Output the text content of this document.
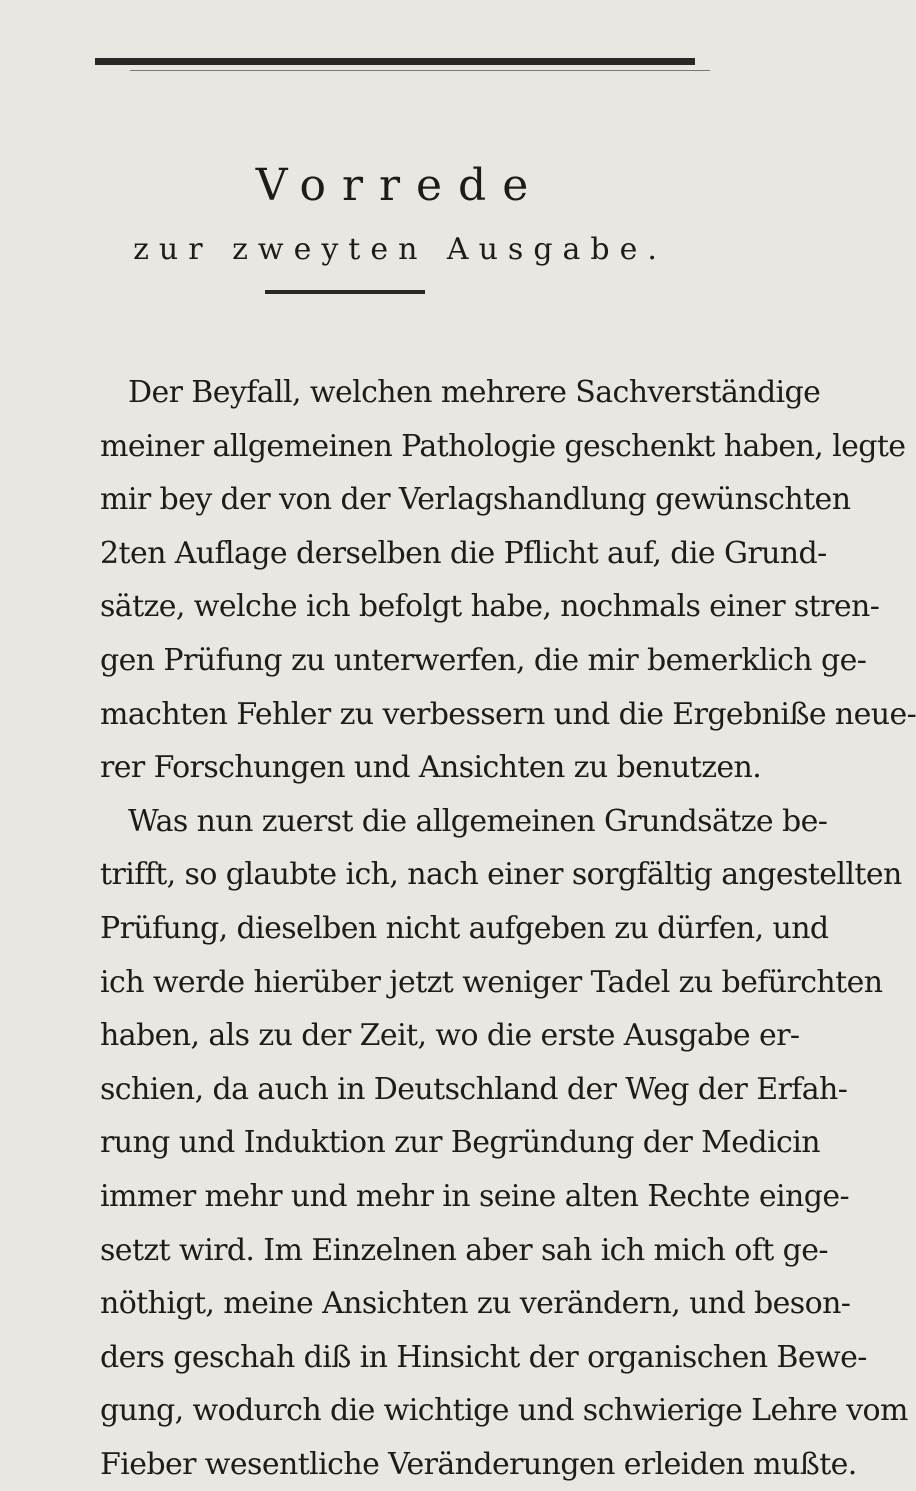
Vorrede
zur zweyten Ausgabe.
Der Beyfall, welchen mehrere Sachverständige
meiner allgemeinen Pathologie geschenkt haben, legte
mir bey der von der Verlagshandlung gewünschten
2ten Auflage derselben die Pflicht auf, die Grund-
sätze, welche ich befolgt habe, nochmals einer stren-
gen Prüfung zu unterwerfen, die mir bemerklich ge-
machten Fehler zu verbessern und die Ergebniße neue-
rer Forschungen und Ansichten zu benutzen.
Was nun zuerst die allgemeinen Grundsätze be-
trifft, so glaubte ich, nach einer sorgfältig angestellten
Prüfung, dieselben nicht aufgeben zu dürfen, und
ich werde hierüber jetzt weniger Tadel zu befürchten
haben, als zu der Zeit, wo die erste Ausgabe er-
schien, da auch in Deutschland der Weg der Erfah-
rung und Induktion zur Begründung der Medicin
immer mehr und mehr in seine alten Rechte einge-
setzt wird. Im Einzelnen aber sah ich mich oft ge-
nöthigt, meine Ansichten zu verändern, und beson-
ders geschah diß in Hinsicht der organischen Bewe-
gung, wodurch die wichtige und schwierige Lehre vom
Fieber wesentliche Veränderungen erleiden mußte.
